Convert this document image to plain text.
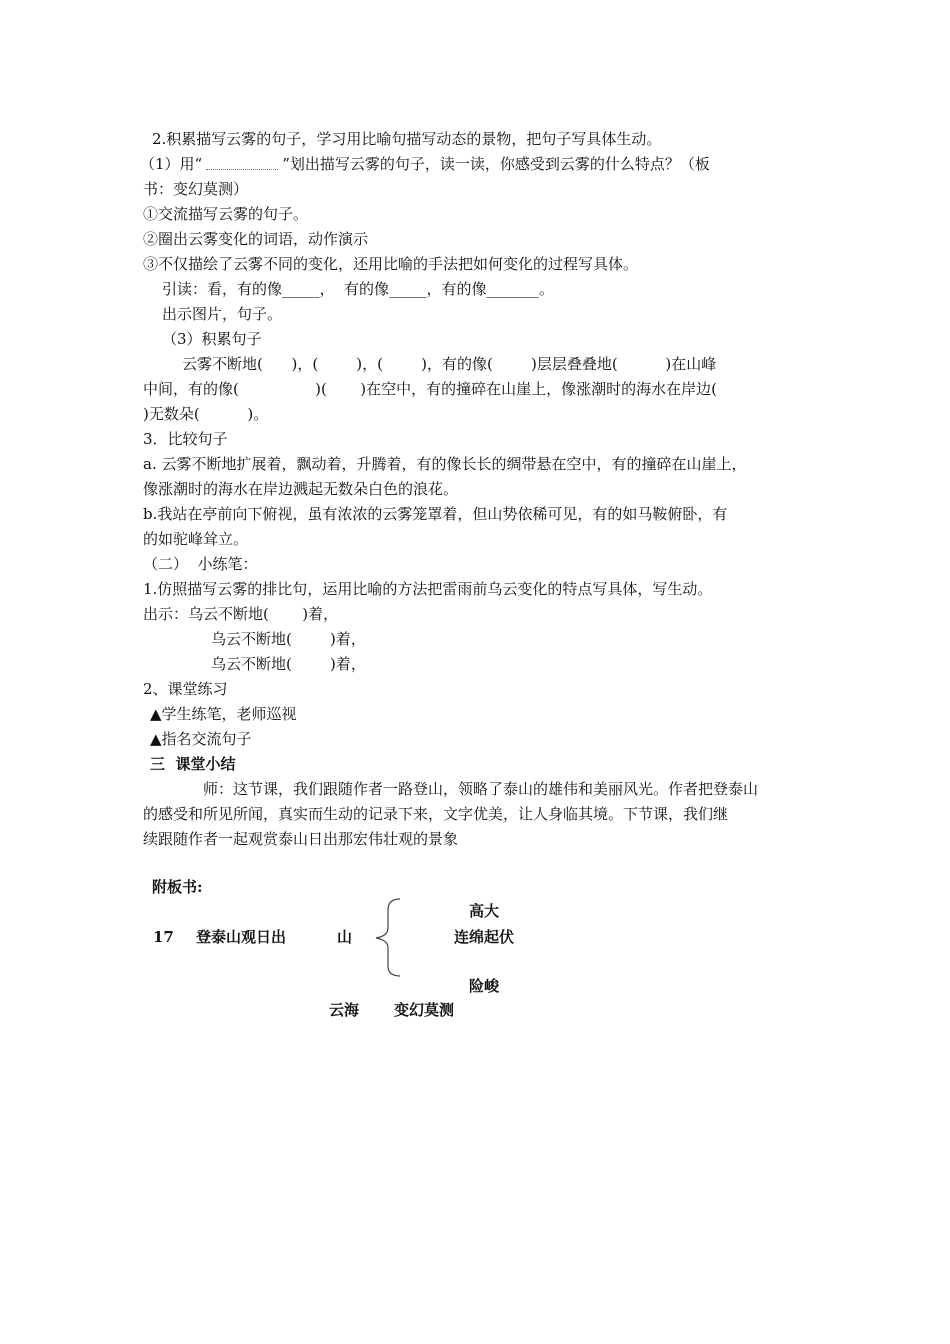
2.积累描写云雾的句子，学习用比喻句描写动态的景物，把句子写具体生动。
（1）用“	”划出描写云雾的句子，读一读，你感受到云雾的什么特点？（板
书：变幻莫测）
①交流描写云雾的句子。
②圈出云雾变化的词语，动作演示
③不仅描绘了云雾不同的变化，还用比喻的手法把如何变化的过程写具体。
引读：看，有的像_____，  有的像_____，有的像_______。
出示图片，句子。
（3）积累句子
云雾不断地(      )，(        )，(        )，有的像(        )层层叠叠地(          )在山峰
中间，有的像(                )(       )在空中，有的撞碎在山崖上，像涨潮时的海水在岸边(
)无数朵(          )。
3．比较句子
a. 云雾不断地扩展着，飘动着，升腾着，有的像长长的绸带悬在空中，有的撞碎在山崖上，
像涨潮时的海水在岸边溅起无数朵白色的浪花。
b.我站在亭前向下俯视，虽有浓浓的云雾笼罩着，但山势依稀可见，有的如马鞍俯卧，有
的如驼峰耸立。
（二）  小练笔：
1.仿照描写云雾的排比句，运用比喻的方法把雷雨前乌云变化的特点写具体，写生动。
出示：乌云不断地(       )着，
乌云不断地(        )着，
乌云不断地(        )着，
2、课堂练习
▲学生练笔，老师巡视
▲指名交流句子
三  课堂小结
师：这节课，我们跟随作者一路登山，领略了泰山的雄伟和美丽风光。作者把登泰山
的感受和所见所闻，真实而生动的记录下来，文字优美，让人身临其境。下节课，我们继
续跟随作者一起观赏泰山日出那宏伟壮观的景象
附板书:
高大
17 登泰山观日出	山	连绵起伏
险峻
云海 变幻莫测
